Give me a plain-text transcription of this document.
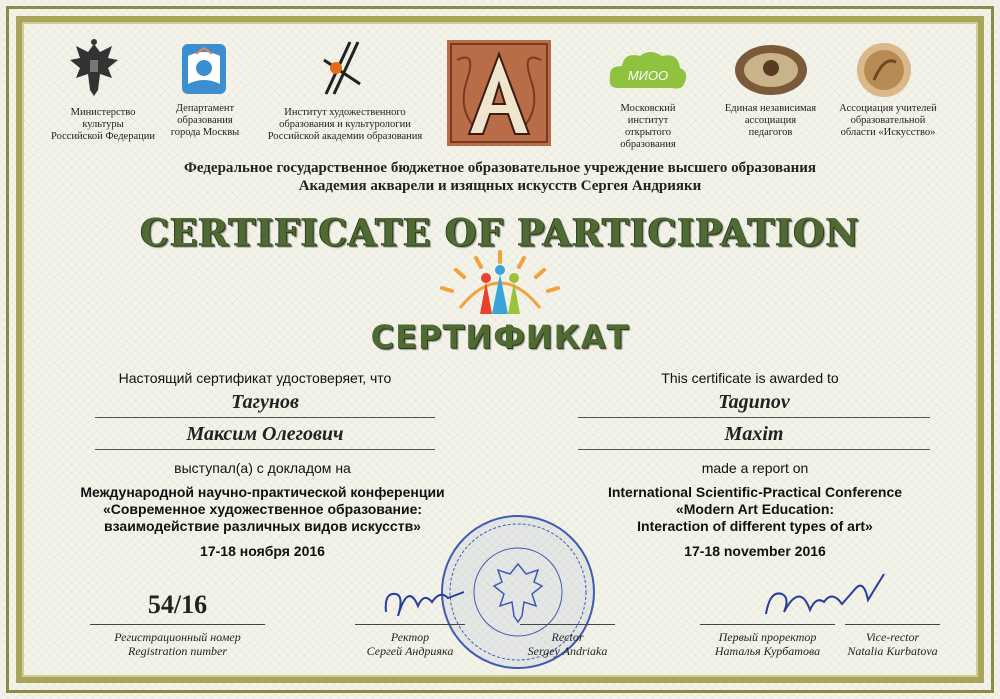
Министерство
культуры
Российской Федерации
Департамент
образования
города Москвы
Институт художественного
образования и культурологии
Российской академии образования
МИОО
Московский
институт
открытого образования
Единая независимая
ассоциация
педагогов
Ассоциация учителей
образовательной
области «Искусство»
Федеральное государственное бюджетное образовательное учреждение высшего образования
Академия акварели и изящных искусств Сергея Андрияки
CERTIFICATE OF PARTICIPATION
СЕРТИФИКАТ
Настоящий сертификат удостоверяет, что
Тагунов
Максим Олегович
выступал(а) с докладом на
Международной научно-практической конференции
«Современное художественное образование:
взаимодействие различных видов искусств»
17-18 ноября 2016
This certificate is awarded to
Tagunov
Maxim
made a report on
International Scientific-Practical Conference
«Modern Art Education:
Interaction of different types of art»
17-18 november 2016
54/16
Регистрационный номер
Registration number
Ректор
Сергей Андрияка
Rector
Sergey Andriaka
Первый проректор
Наталья Курбатова
Vice-rector
Natalia Kurbatova
